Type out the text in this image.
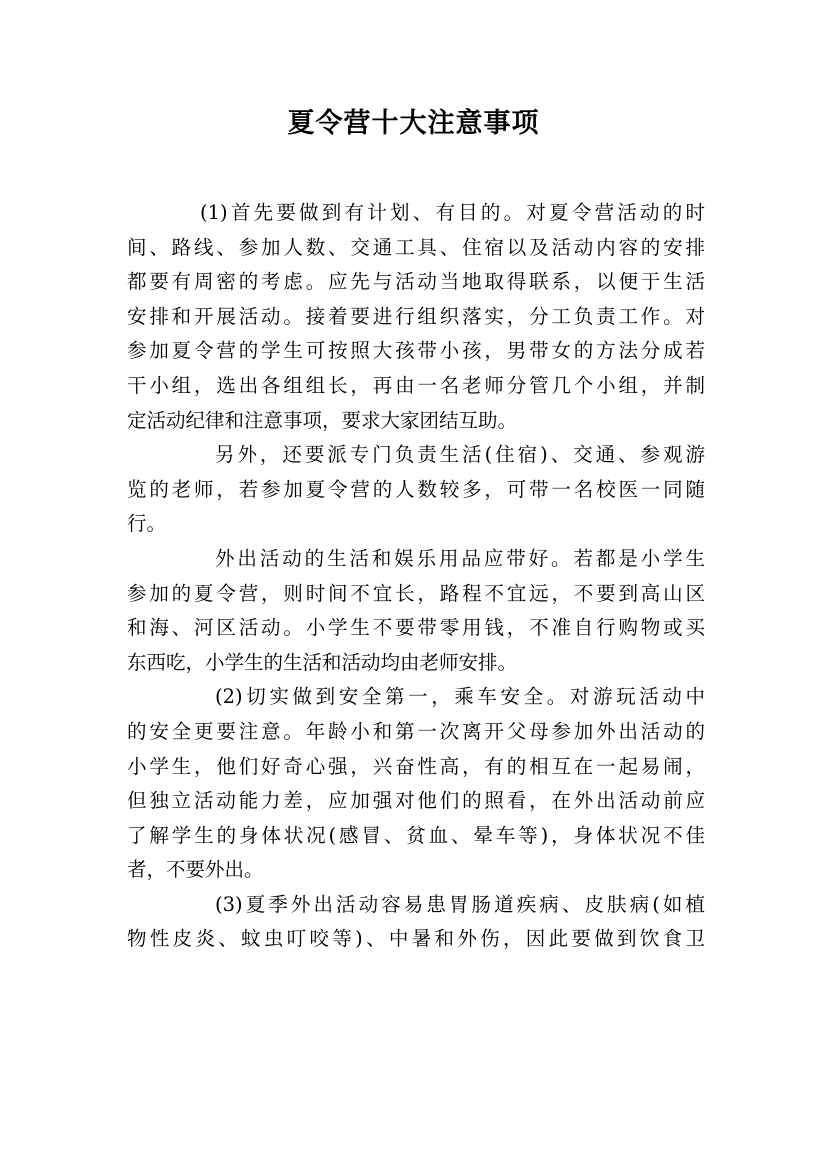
夏令营十大注意事项
(1)首先要做到有计划、有目的。对夏令营活动的时
间、路线、参加人数、交通工具、住宿以及活动内容的安排
都要有周密的考虑。应先与活动当地取得联系，以便于生活
安排和开展活动。接着要进行组织落实，分工负责工作。对
参加夏令营的学生可按照大孩带小孩，男带女的方法分成若
干小组，选出各组组长，再由一名老师分管几个小组，并制
定活动纪律和注意事项，要求大家团结互助。
另外，还要派专门负责生活(住宿)、交通、参观游
览的老师，若参加夏令营的人数较多，可带一名校医一同随
行。
外出活动的生活和娱乐用品应带好。若都是小学生
参加的夏令营，则时间不宜长，路程不宜远，不要到高山区
和海、河区活动。小学生不要带零用钱，不准自行购物或买
东西吃，小学生的生活和活动均由老师安排。
(2)切实做到安全第一，乘车安全。对游玩活动中
的安全更要注意。年龄小和第一次离开父母参加外出活动的
小学生，他们好奇心强，兴奋性高，有的相互在一起易闹，
但独立活动能力差，应加强对他们的照看，在外出活动前应
了解学生的身体状况(感冒、贫血、晕车等)，身体状况不佳
者，不要外出。
(3)夏季外出活动容易患胃肠道疾病、皮肤病(如植
物性皮炎、蚊虫叮咬等)、中暑和外伤，因此要做到饮食卫
